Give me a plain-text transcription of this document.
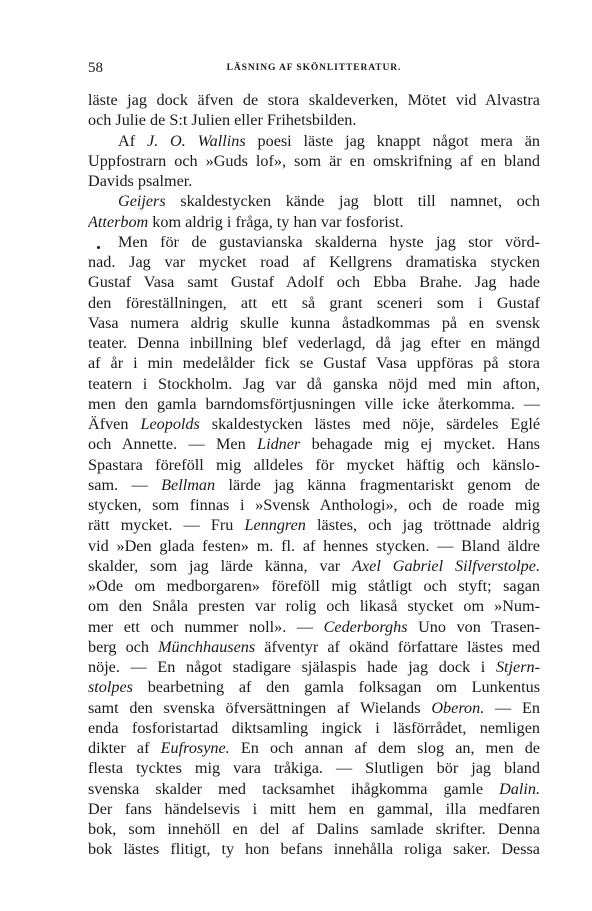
58	LÄSNING AF SKÖNLITTERATUR.
läste jag dock äfven de stora skaldeverken, Mötet vid Alvastra
och Julie de S:t Julien eller Frihetsbilden.
Af J. O. Wallins poesi läste jag knappt något mera än
Uppfostrarn och »Guds lof», som är en omskrifning af en bland
Davids psalmer.
Geijers skaldestycken kände jag blott till namnet, och
Atterbom kom aldrig i fråga, ty han var fosforist.
Men för de gustavianska skalderna hyste jag stor vörd-
nad. Jag var mycket road af Kellgrens dramatiska stycken
Gustaf Vasa samt Gustaf Adolf och Ebba Brahe. Jag hade
den föreställningen, att ett så grant sceneri som i Gustaf
Vasa numera aldrig skulle kunna åstadkommas på en svensk
teater. Denna inbillning blef vederlagd, då jag efter en mängd
af år i min medelålder fick se Gustaf Vasa uppföras på stora
teatern i Stockholm. Jag var då ganska nöjd med min afton,
men den gamla barndomsförtjusningen ville icke återkomma. —
Äfven Leopolds skaldestycken lästes med nöje, särdeles Eglé
och Annette. — Men Lidner behagade mig ej mycket. Hans
Spastara föreföll mig alldeles för mycket häftig och känslo-
sam. — Bellman lärde jag känna fragmentariskt genom de
stycken, som finnas i »Svensk Anthologi», och de roade mig
rätt mycket. — Fru Lenngren lästes, och jag tröttnade aldrig
vid »Den glada festen» m. fl. af hennes stycken. — Bland äldre
skalder, som jag lärde känna, var Axel Gabriel Silfverstolpe.
»Ode om medborgaren» föreföll mig ståtligt och styft; sagan
om den Snåla presten var rolig och likaså stycket om »Num-
mer ett och nummer noll». — Cederborghs Uno von Trasen-
berg och Münchhausens äfventyr af okänd författare lästes med
nöje. — En något stadigare själaspis hade jag dock i Stjern-
stolpes bearbetning af den gamla folksagan om Lunkentus
samt den svenska öfversättningen af Wielands Oberon. — En
enda fosforistartad diktsamling ingick i läsförrådet, nemligen
dikter af Eufrosyne. En och annan af dem slog an, men de
flesta tycktes mig vara tråkiga. — Slutligen bör jag bland
svenska skalder med tacksamhet ihågkomma gamle Dalin.
Der fans händelsevis i mitt hem en gammal, illa medfaren
bok, som innehöll en del af Dalins samlade skrifter. Denna
bok lästes flitigt, ty hon befans innehålla roliga saker. Dessa
